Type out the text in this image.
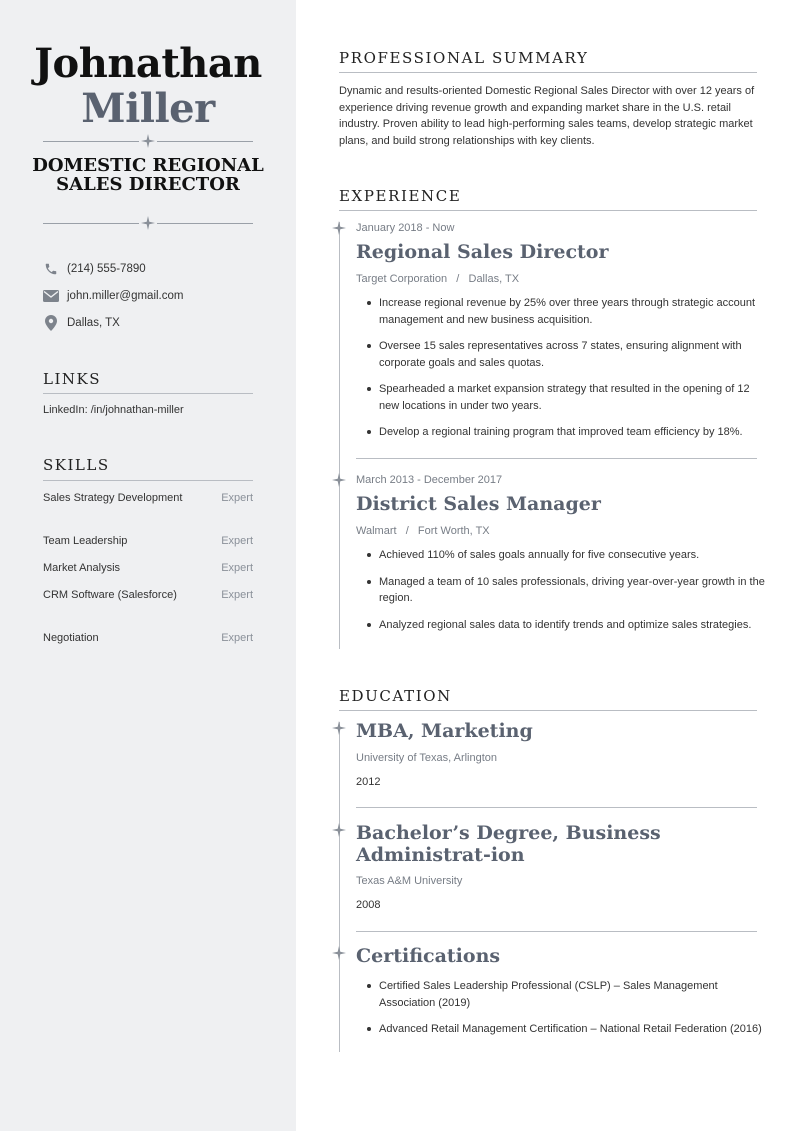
Johnathan
Miller
DOMESTIC REGIONAL SALES DIRECTOR
(214) 555-7890
john.miller@gmail.com
Dallas, TX
LINKS
LinkedIn: /in/johnathan-miller
SKILLS
Sales Strategy Development	Expert
Team Leadership	Expert
Market Analysis	Expert
CRM Software (Salesforce)	Expert
Negotiation	Expert
PROFESSIONAL SUMMARY
Dynamic and results-oriented Domestic Regional Sales Director with over 12 years of experience driving revenue growth and expanding market share in the U.S. retail industry. Proven ability to lead high-performing sales teams, develop strategic market plans, and build strong relationships with key clients.
EXPERIENCE
January 2018 - Now
Regional Sales Director
Target Corporation   /   Dallas, TX
Increase regional revenue by 25% over three years through strategic account management and new business acquisition.
Oversee 15 sales representatives across 7 states, ensuring alignment with corporate goals and sales quotas.
Spearheaded a market expansion strategy that resulted in the opening of 12 new locations in under two years.
Develop a regional training program that improved team efficiency by 18%.
March 2013 - December 2017
District Sales Manager
Walmart   /   Fort Worth, TX
Achieved 110% of sales goals annually for five consecutive years.
Managed a team of 10 sales professionals, driving year-over-year growth in the region.
Analyzed regional sales data to identify trends and optimize sales strategies.
EDUCATION
MBA, Marketing
University of Texas, Arlington
2012
Bachelor’s Degree, Business Administrat-ion
Texas A&M University
2008
Certifications
Certified Sales Leadership Professional (CSLP) – Sales Management Association (2019)
Advanced Retail Management Certification – National Retail Federation (2016)
